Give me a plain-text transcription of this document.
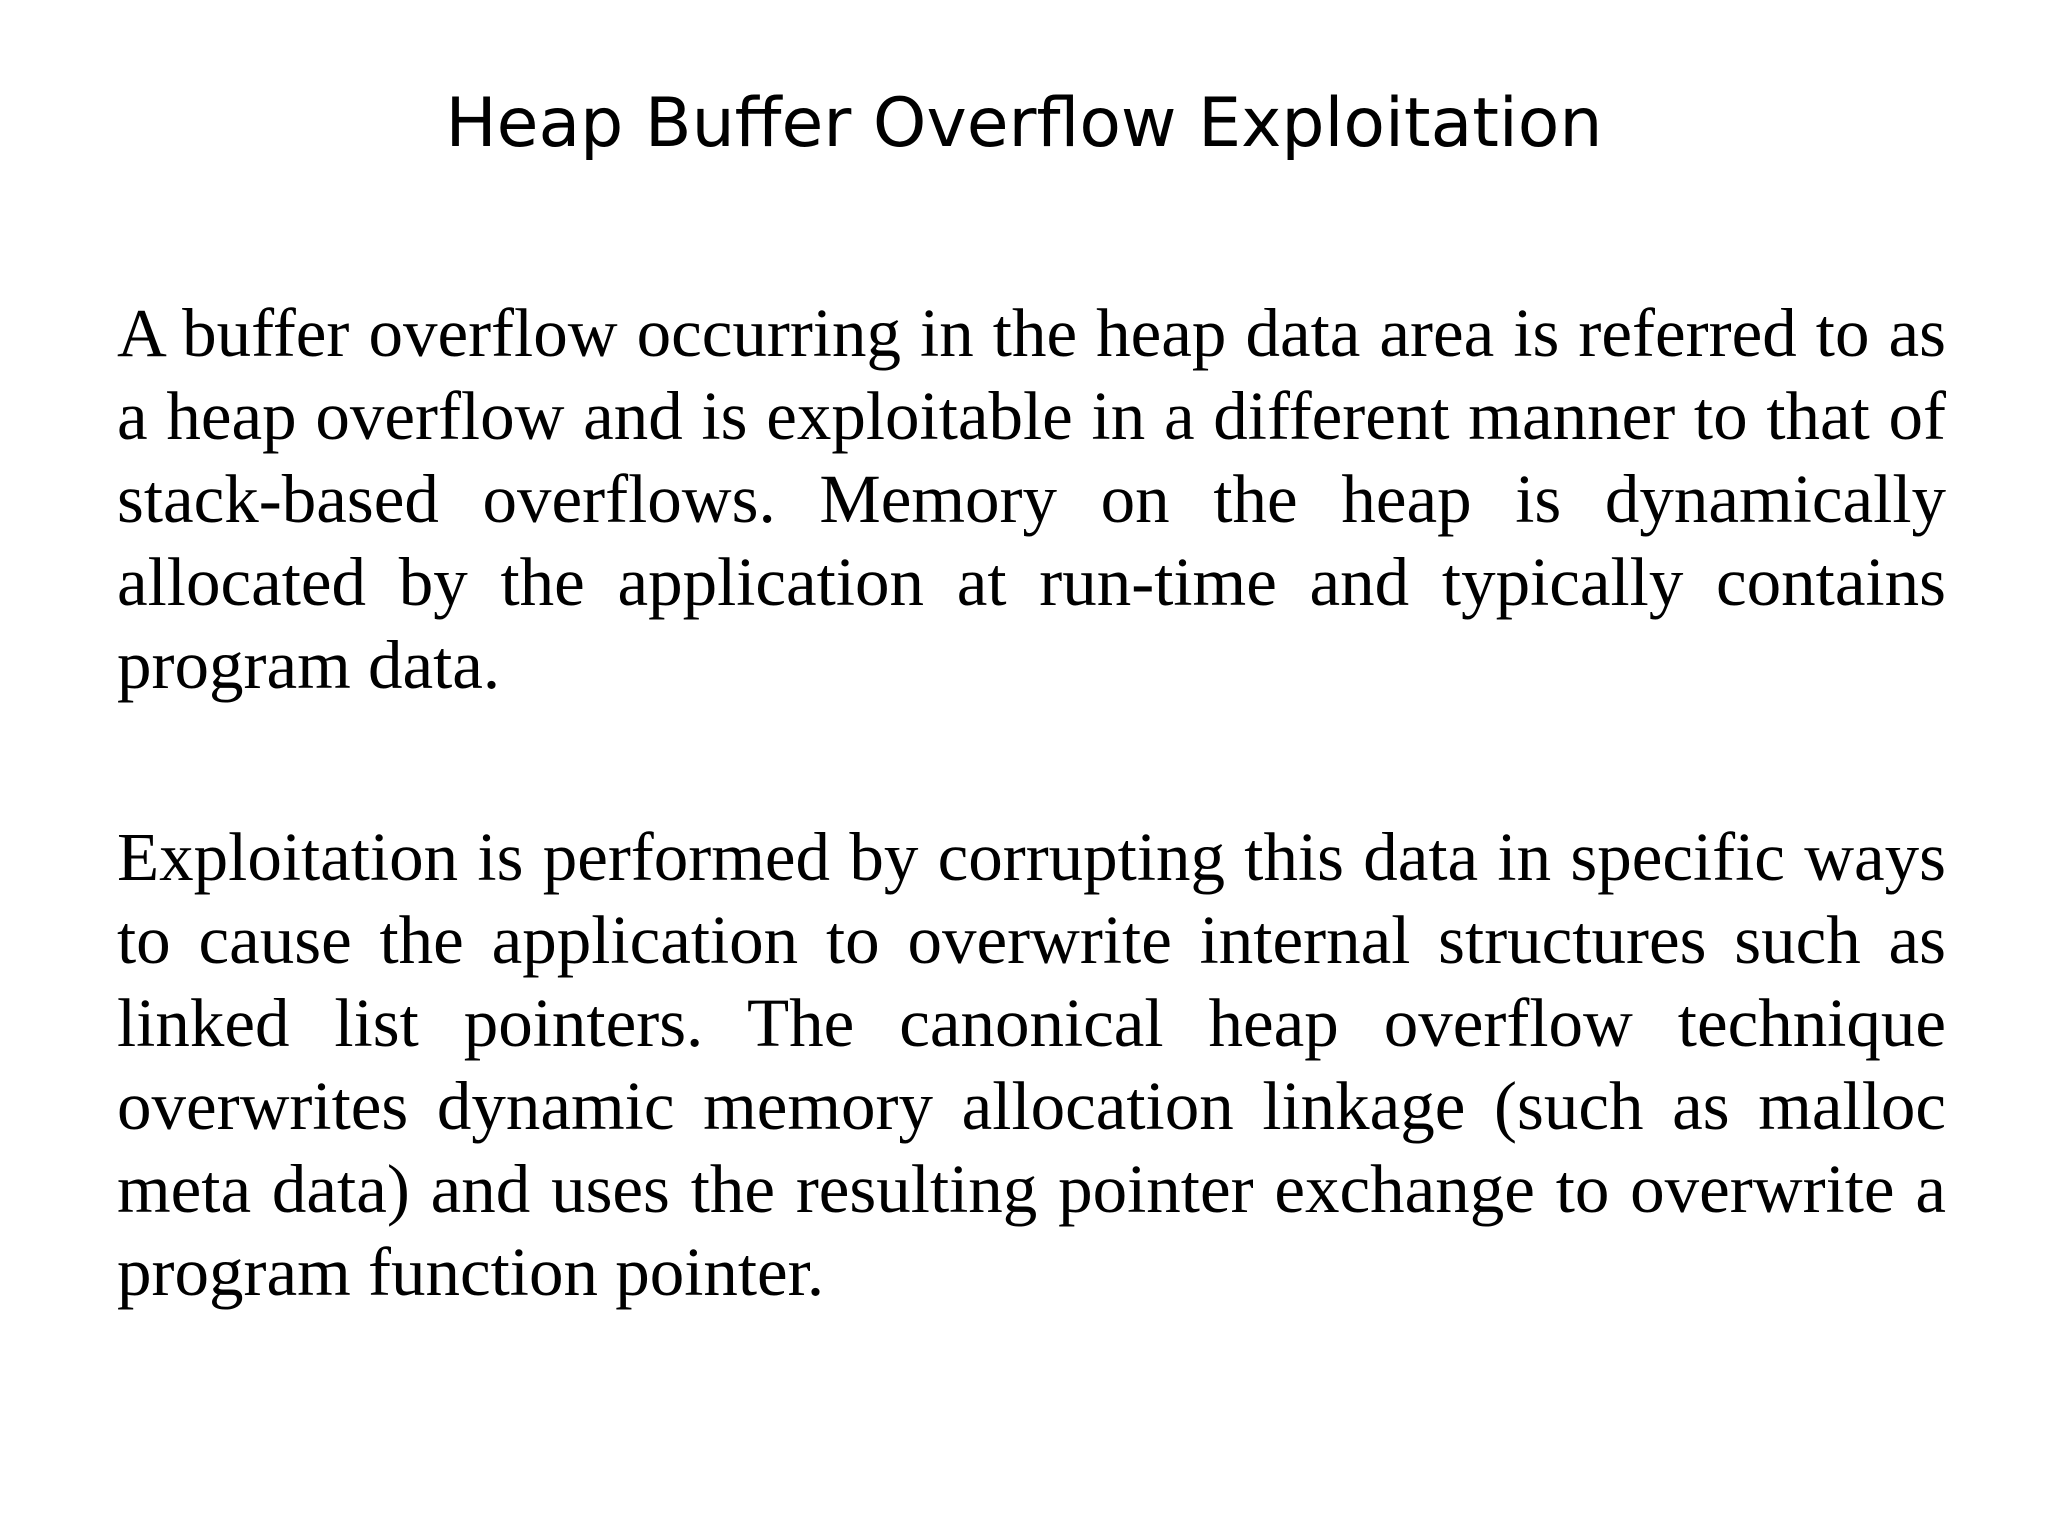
Heap Buffer Overflow Exploitation

A buffer overflow occurring in the heap data area is referred to as a heap overflow and is exploitable in a different manner to that of stack-based overflows. Memory on the heap is dynamically allocated by the application at run-time and typically contains program data.

Exploitation is performed by corrupting this data in specific ways to cause the application to overwrite internal structures such as linked list pointers. The canonical heap overflow technique overwrites dynamic memory allocation linkage (such as malloc meta data) and uses the resulting pointer exchange to overwrite a program function pointer.
